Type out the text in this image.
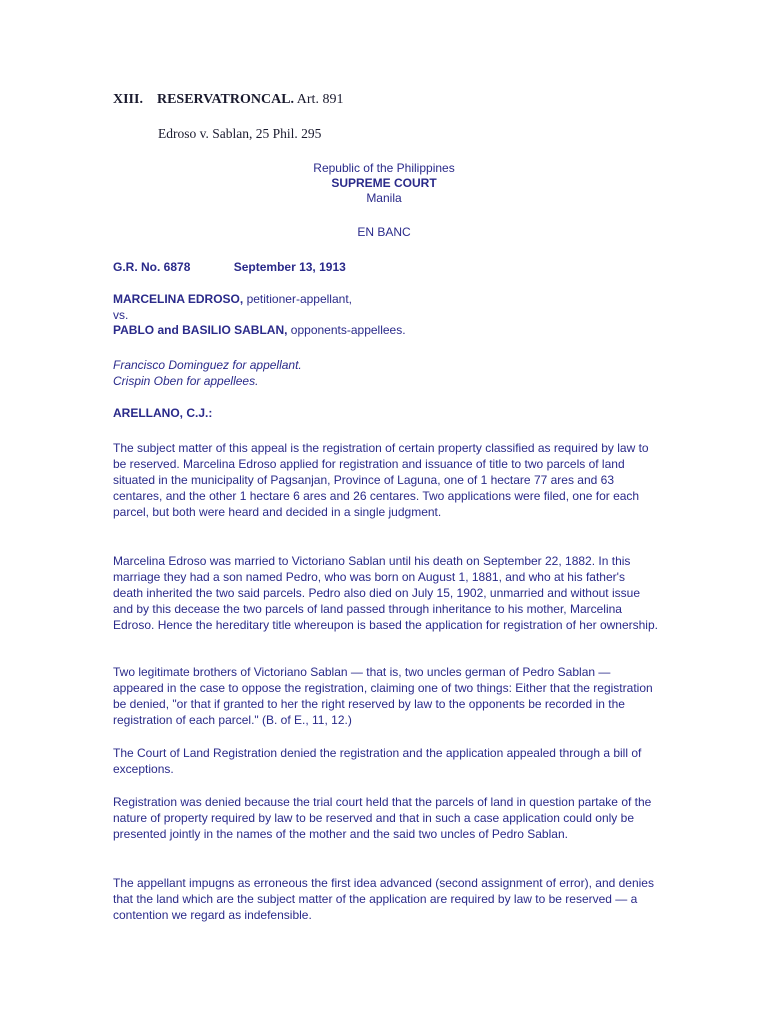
XIII. RESERVATRONCAL. Art. 891
Edroso v. Sablan, 25 Phil. 295
Republic of the Philippines
SUPREME COURT
Manila
EN BANC
G.R. No. 6878	September 13, 1913
MARCELINA EDROSO, petitioner-appellant,
vs.
PABLO and BASILIO SABLAN, opponents-appellees.
Francisco Dominguez for appellant.
Crispin Oben for appellees.
ARELLANO, C.J.:

The subject matter of this appeal is the registration of certain property classified as required by law to be reserved. Marcelina Edroso applied for registration and issuance of title to two parcels of land situated in the municipality of Pagsanjan, Province of Laguna, one of 1 hectare 77 ares and 63 centares, and the other 1 hectare 6 ares and 26 centares. Two applications were filed, one for each parcel, but both were heard and decided in a single judgment.

Marcelina Edroso was married to Victoriano Sablan until his death on September 22, 1882. In this marriage they had a son named Pedro, who was born on August 1, 1881, and who at his father's death inherited the two said parcels. Pedro also died on July 15, 1902, unmarried and without issue and by this decease the two parcels of land passed through inheritance to his mother, Marcelina Edroso. Hence the hereditary title whereupon is based the application for registration of her ownership.

Two legitimate brothers of Victoriano Sablan — that is, two uncles german of Pedro Sablan — appeared in the case to oppose the registration, claiming one of two things: Either that the registration be denied, "or that if granted to her the right reserved by law to the opponents be recorded in the registration of each parcel." (B. of E., 11, 12.)

The Court of Land Registration denied the registration and the application appealed through a bill of exceptions.

Registration was denied because the trial court held that the parcels of land in question partake of the nature of property required by law to be reserved and that in such a case application could only be presented jointly in the names of the mother and the said two uncles of Pedro Sablan.

The appellant impugns as erroneous the first idea advanced (second assignment of error), and denies that the land which are the subject matter of the application are required by law to be reserved — a contention we regard as indefensible.
